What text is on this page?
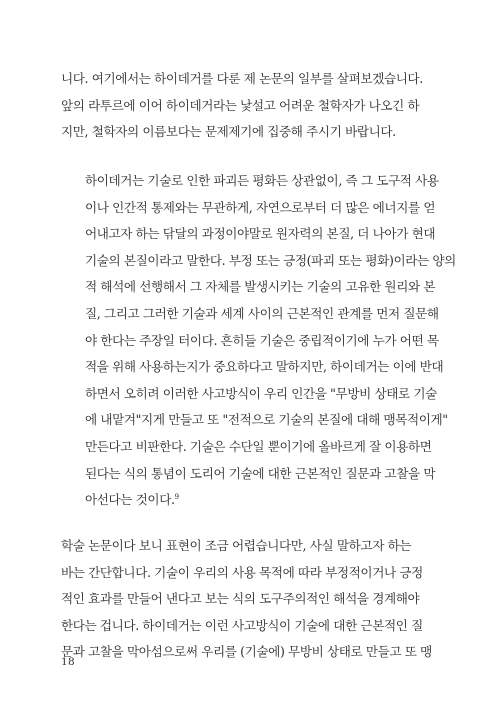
니다. 여기에서는 하이데거를 다룬 제 논문의 일부를 살펴보겠습니다.
앞의 라투르에 이어 하이데거라는 낯설고 어려운 철학자가 나오긴 하
지만, 철학자의 이름보다는 문제제기에 집중해 주시기 바랍니다.
하이데거는 기술로 인한 파괴든 평화든 상관없이, 즉 그 도구적 사용
이나 인간적 통제와는 무관하게, 자연으로부터 더 많은 에너지를 얻
어내고자 하는 닦달의 과정이야말로 원자력의 본질, 더 나아가 현대
기술의 본질이라고 말한다. 부정 또는 긍정(파괴 또는 평화)이라는 양의
적 해석에 선행해서 그 자체를 발생시키는 기술의 고유한 원리와 본
질, 그리고 그러한 기술과 세계 사이의 근본적인 관계를 먼저 질문해
야 한다는 주장일 터이다. 흔히들 기술은 중립적이기에 누가 어떤 목
적을 위해 사용하는지가 중요하다고 말하지만, 하이데거는 이에 반대
하면서 오히려 이러한 사고방식이 우리 인간을 "무방비 상태로 기술
에 내맡겨"지게 만들고 또 "전적으로 기술의 본질에 대해 맹목적이게"
만든다고 비판한다. 기술은 수단일 뿐이기에 올바르게 잘 이용하면
된다는 식의 통념이 도리어 기술에 대한 근본적인 질문과 고찰을 막
아선다는 것이다.$^9$
학술 논문이다 보니 표현이 조금 어렵습니다만, 사실 말하고자 하는
바는 간단합니다. 기술이 우리의 사용 목적에 따라 부정적이거나 긍정
적인 효과를 만들어 낸다고 보는 식의 도구주의적인 해석을 경계해야
한다는 겁니다. 하이데거는 이런 사고방식이 기술에 대한 근본적인 질
문과 고찰을 막아섬으로써 우리를 (기술에) 무방비 상태로 만들고 또 맹
18
